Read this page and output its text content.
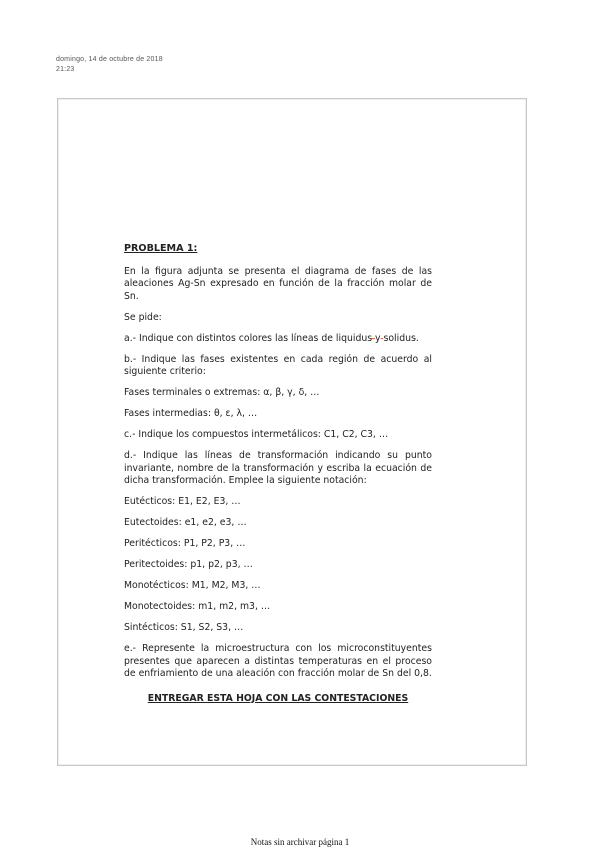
domingo, 14 de octubre de 2018
21:23

PROBLEMA 1:

En la figura adjunta se presenta el diagrama de fases de las aleaciones Ag-Sn expresado en función de la fracción molar de Sn.

Se pide:

a.- Indique con distintos colores las líneas de liquidus y solidus.

b.- Indique las fases existentes en cada región de acuerdo al siguiente criterio:

Fases terminales o extremas: α, β, γ, δ, …

Fases intermedias: θ, ε, λ, …

c.- Indique los compuestos intermetálicos: C1, C2, C3, …

d.- Indique las líneas de transformación indicando su punto invariante, nombre de la transformación y escriba la ecuación de dicha transformación. Emplee la siguiente notación:

Eutécticos: E1, E2, E3, …

Eutectoides: e1, e2, e3, …

Peritécticos: P1, P2, P3, …

Peritectoides: p1, p2, p3, …

Monotécticos: M1, M2, M3, …

Monotectoides: m1, m2, m3, …

Sintécticos: S1, S2, S3, …

e.- Represente la microestructura con los microconstituyentes presentes que aparecen a distintas temperaturas en el proceso de enfriamiento de una aleación con fracción molar de Sn del 0,8.

ENTREGAR ESTA HOJA CON LAS CONTESTACIONES

Notas sin archivar página 1
